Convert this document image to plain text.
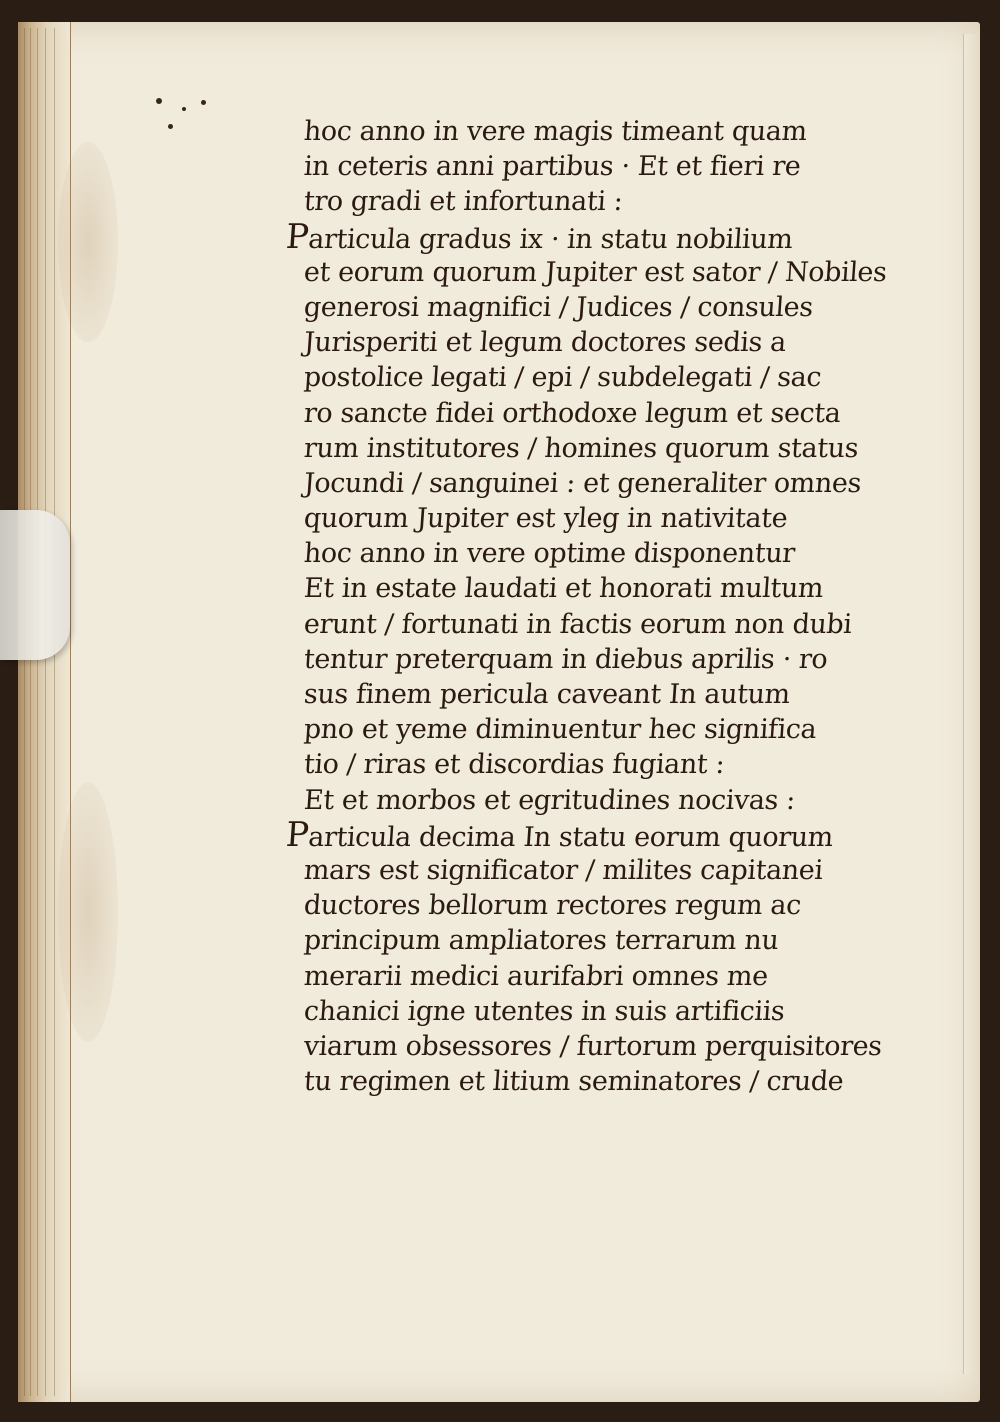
hoc anno in vere magis timeant quam
in ceteris anni partibus · Et et fieri re
tro gradi et infortunati :
Particula gradus ix · in statu nobilium
et eorum quorum Jupiter est sator / Nobiles
generosi magnifici / Judices / consules
Jurisperiti et legum doctores sedis a
postolice legati / epi / subdelegati / sac
ro sancte fidei orthodoxe legum et secta
rum institutores / homines quorum status
Jocundi / sanguinei : et generaliter omnes
quorum Jupiter est yleg in nativitate
hoc anno in vere optime disponentur
Et in estate laudati et honorati multum
erunt / fortunati in factis eorum non dubi
tentur preterquam in diebus aprilis · ro
sus finem pericula caveant In autum
pno et yeme diminuentur hec significa
tio / riras et discordias fugiant :
Et et morbos et egritudines nocivas :
Particula decima In statu eorum quorum
mars est significator / milites capitanei
ductores bellorum rectores regum ac
principum ampliatores terrarum nu
merarii medici aurifabri omnes me
chanici igne utentes in suis artificiis
viarum obsessores / furtorum perquisitores
tu regimen et litium seminatores / crude
